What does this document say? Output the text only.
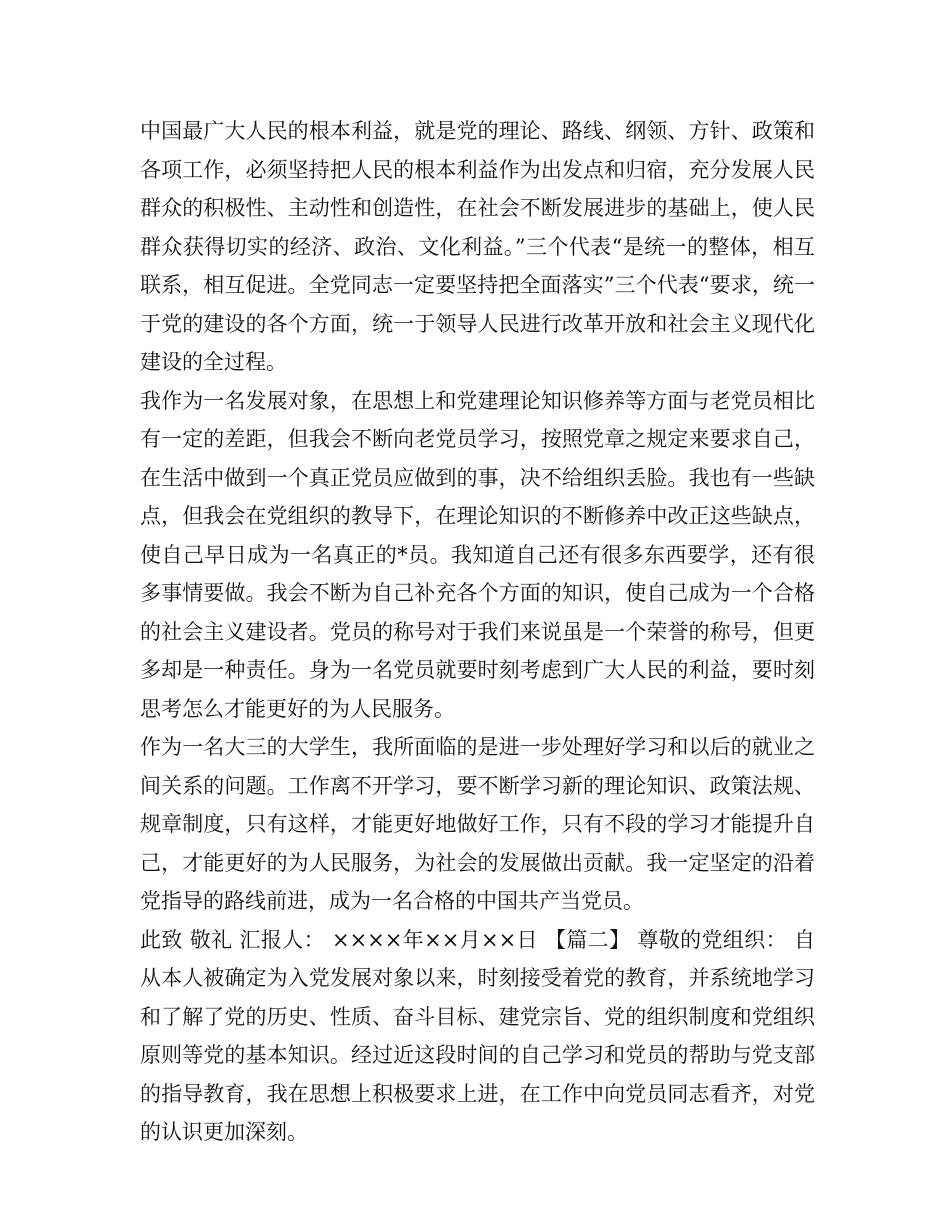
中国最广大人民的根本利益，就是党的理论、路线、纲领、方针、政策和各项工作，必须坚持把人民的根本利益作为出发点和归宿，充分发展人民群众的积极性、主动性和创造性，在社会不断发展进步的基础上，使人民群众获得切实的经济、政治、文化利益。”三个代表“是统一的整体，相互联系，相互促进。全党同志一定要坚持把全面落实”三个代表“要求，统一于党的建设的各个方面，统一于领导人民进行改革开放和社会主义现代化建设的全过程。

我作为一名发展对象，在思想上和党建理论知识修养等方面与老党员相比有一定的差距，但我会不断向老党员学习，按照党章之规定来要求自己，在生活中做到一个真正党员应做到的事，决不给组织丢脸。我也有一些缺点，但我会在党组织的教导下，在理论知识的不断修养中改正这些缺点，使自己早日成为一名真正的*员。我知道自己还有很多东西要学，还有很多事情要做。我会不断为自己补充各个方面的知识，使自己成为一个合格的社会主义建设者。党员的称号对于我们来说虽是一个荣誉的称号，但更多却是一种责任。身为一名党员就要时刻考虑到广大人民的利益，要时刻思考怎么才能更好的为人民服务。

作为一名大三的大学生，我所面临的是进一步处理好学习和以后的就业之间关系的问题。工作离不开学习，要不断学习新的理论知识、政策法规、规章制度，只有这样，才能更好地做好工作，只有不段的学习才能提升自己，才能更好的为人民服务，为社会的发展做出贡献。我一定坚定的沿着党指导的路线前进，成为一名合格的中国共产当党员。

此致 敬礼 汇报人： ××××年××月××日 【篇二】 尊敬的党组织： 自从本人被确定为入党发展对象以来，时刻接受着党的教育，并系统地学习和了解了党的历史、性质、奋斗目标、建党宗旨、党的组织制度和党组织原则等党的基本知识。经过近这段时间的自己学习和党员的帮助与党支部的指导教育，我在思想上积极要求上进，在工作中向党员同志看齐，对党的认识更加深刻。
